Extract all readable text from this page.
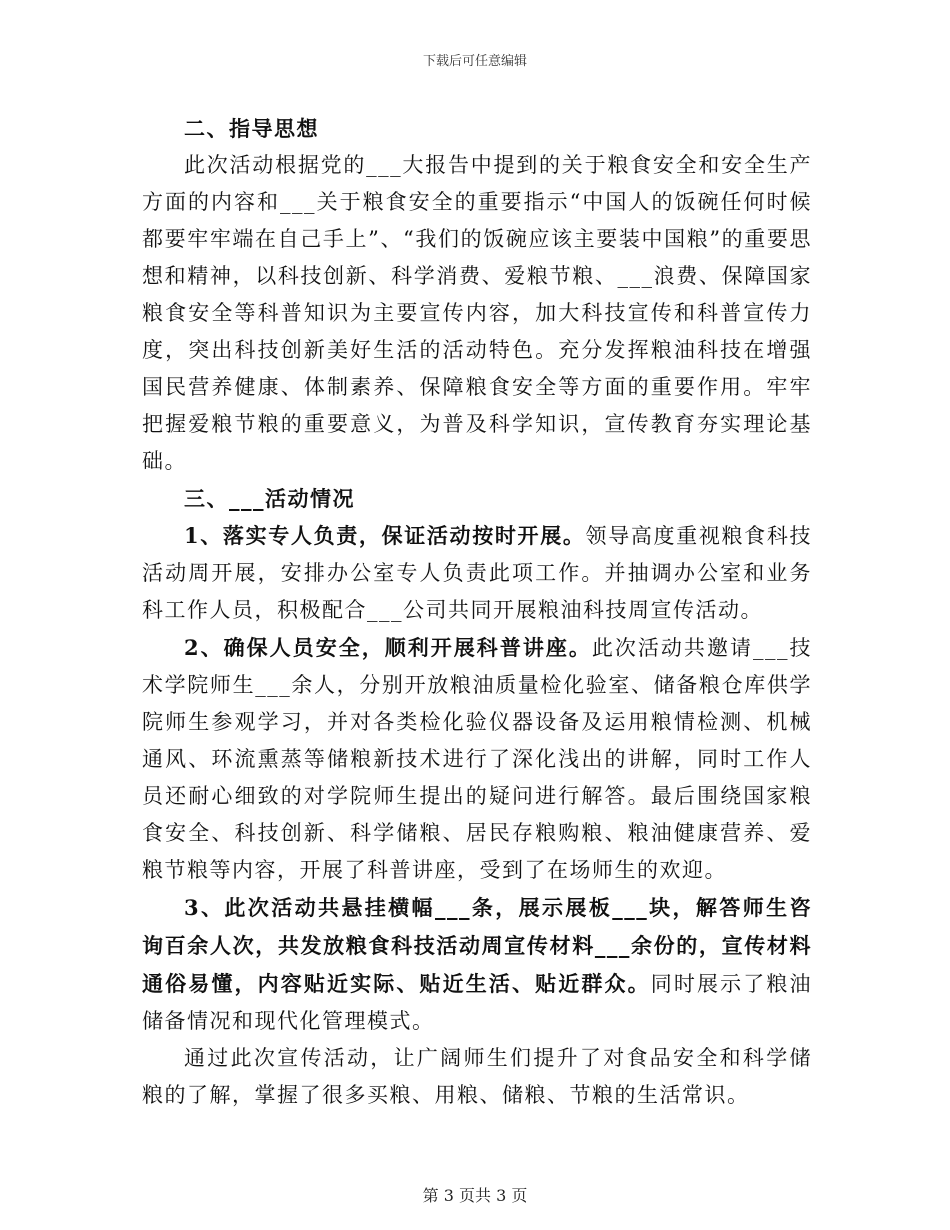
下载后可任意编辑

二、指导思想

此次活动根据党的___大报告中提到的关于粮食安全和安全生产方面的内容和___关于粮食安全的重要指示“中国人的饭碗任何时候都要牢牢端在自己手上”、“我们的饭碗应该主要装中国粮”的重要思想和精神，以科技创新、科学消费、爱粮节粮、___浪费、保障国家粮食安全等科普知识为主要宣传内容，加大科技宣传和科普宣传力度，突出科技创新美好生活的活动特色。充分发挥粮油科技在增强国民营养健康、体制素养、保障粮食安全等方面的重要作用。牢牢把握爱粮节粮的重要意义，为普及科学知识，宣传教育夯实理论基础。

三、___活动情况

1、落实专人负责，保证活动按时开展。领导高度重视粮食科技活动周开展，安排办公室专人负责此项工作。并抽调办公室和业务科工作人员，积极配合___公司共同开展粮油科技周宣传活动。

2、确保人员安全，顺利开展科普讲座。此次活动共邀请___技术学院师生___余人，分别开放粮油质量检化验室、储备粮仓库供学院师生参观学习，并对各类检化验仪器设备及运用粮情检测、机械通风、环流熏蒸等储粮新技术进行了深化浅出的讲解，同时工作人员还耐心细致的对学院师生提出的疑问进行解答。最后围绕国家粮食安全、科技创新、科学储粮、居民存粮购粮、粮油健康营养、爱粮节粮等内容，开展了科普讲座，受到了在场师生的欢迎。

3、此次活动共悬挂横幅___条，展示展板___块，解答师生咨询百余人次，共发放粮食科技活动周宣传材料___余份的，宣传材料通俗易懂，内容贴近实际、贴近生活、贴近群众。同时展示了粮油储备情况和现代化管理模式。

通过此次宣传活动，让广阔师生们提升了对食品安全和科学储粮的了解，掌握了很多买粮、用粮、储粮、节粮的生活常识。

第 3 页共 3 页
